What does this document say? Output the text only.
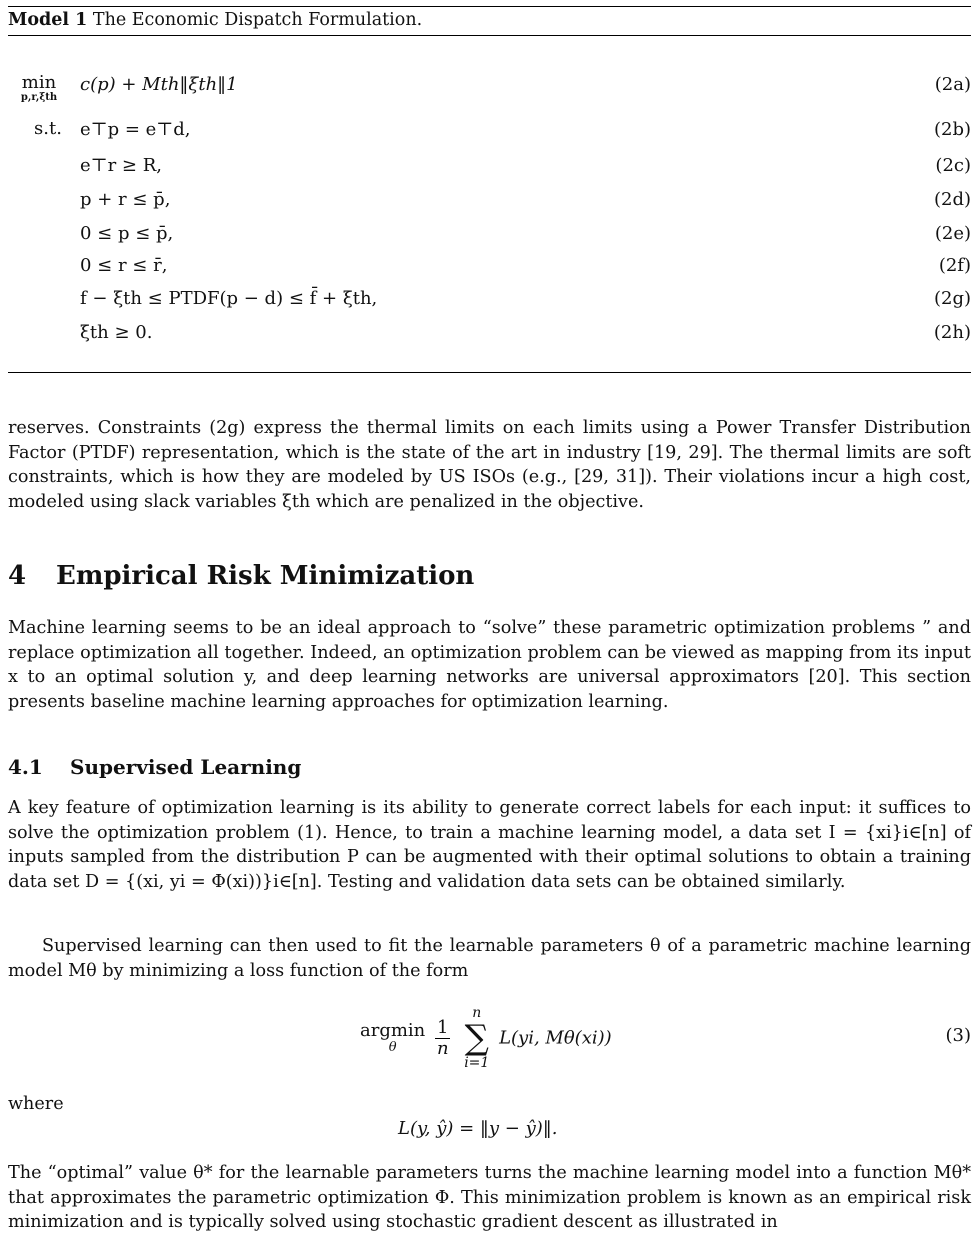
Model 1 The Economic Dispatch Formulation.
min
p,r,ξth
c(p) + Mth‖ξth‖1	(2a)
s.t. e⊤p = e⊤d,	(2b)
e⊤r ≥ R,	(2c)
p + r ≤ p̄,	(2d)
0 ≤ p ≤ p̄,	(2e)
0 ≤ r ≤ r̄,	(2f)
f − ξth ≤ PTDF(p − d) ≤ f̄ + ξth,	(2g)
ξth ≥ 0.	(2h)
reserves. Constraints (2g) express the thermal limits on each limits using a Power Transfer Distribution Factor (PTDF) representation, which is the state of the art in industry [19, 29]. The thermal limits are soft constraints, which is how they are modeled by US ISOs (e.g., [29, 31]). Their violations incur a high cost, modeled using slack variables ξth which are penalized in the objective.
4 Empirical Risk Minimization
Machine learning seems to be an ideal approach to “solve” these parametric optimization problems ” and replace optimization all together. Indeed, an optimization problem can be viewed as mapping from its input x to an optimal solution y, and deep learning networks are universal approximators [20]. This section presents baseline machine learning approaches for optimization learning.
4.1 Supervised Learning
A key feature of optimization learning is its ability to generate correct labels for each input: it suffices to solve the optimization problem (1). Hence, to train a machine learning model, a data set I = {xi}i∈[n] of inputs sampled from the distribution P can be augmented with their optimal solutions to obtain a training data set D = {(xi, yi = Φ(xi))}i∈[n]. Testing and validation data sets can be obtained similarly.
Supervised learning can then used to fit the learnable parameters θ of a parametric machine learning model Mθ by minimizing a loss function of the form
argmin
θ
	$\frac{1}{n}$
n
∑
i=1 L(yi, Mθ(xi))	(3)
where
L(y, ŷ) = ‖y − ŷ)‖.
The “optimal” value θ* for the learnable parameters turns the machine learning model into a function Mθ* that approximates the parametric optimization Φ. This minimization problem is known as an empirical risk minimization and is typically solved using stochastic gradient descent as illustrated in
